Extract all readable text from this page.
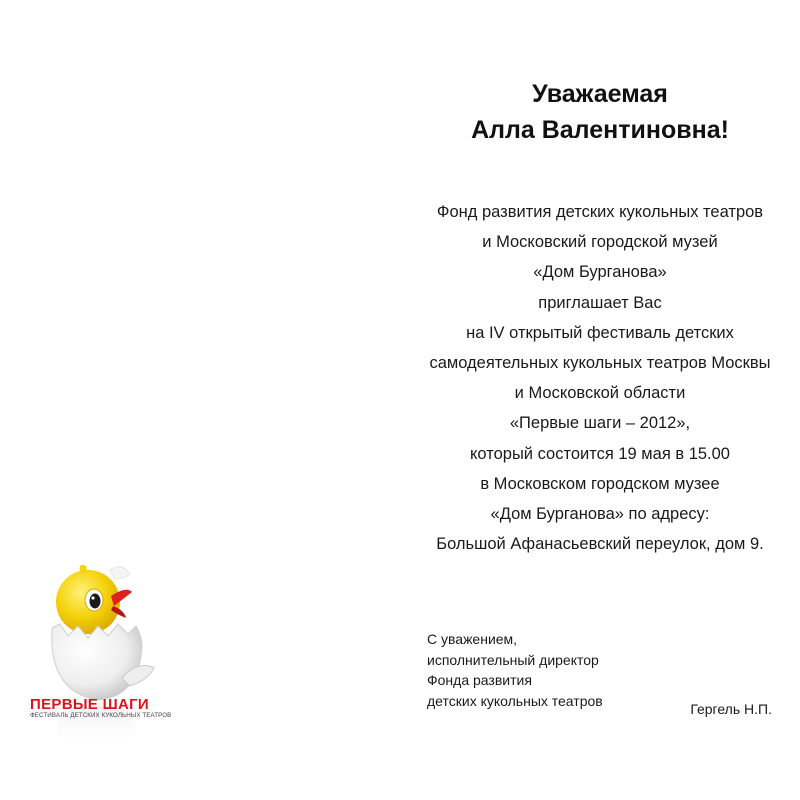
Уважаемая
Алла Валентиновна!
Фонд развития детских кукольных театров
и Московский городской музей
«Дом Бурганова»
приглашает Вас
на IV открытый фестиваль детских
самодеятельных кукольных театров Москвы
и Московской области
«Первые шаги – 2012»,
который состоится 19 мая в 15.00
в Московском городском музее
«Дом Бурганова» по адресу:
Большой Афанасьевский переулок, дом 9.
С уважением,
исполнительный директор
Фонда развития
детских кукольных театров	Гергель Н.П.
ПЕРВЫЕ ШАГИ
ФЕСТИВАЛЬ ДЕТСКИХ КУКОЛЬНЫХ ТЕАТРОВ
